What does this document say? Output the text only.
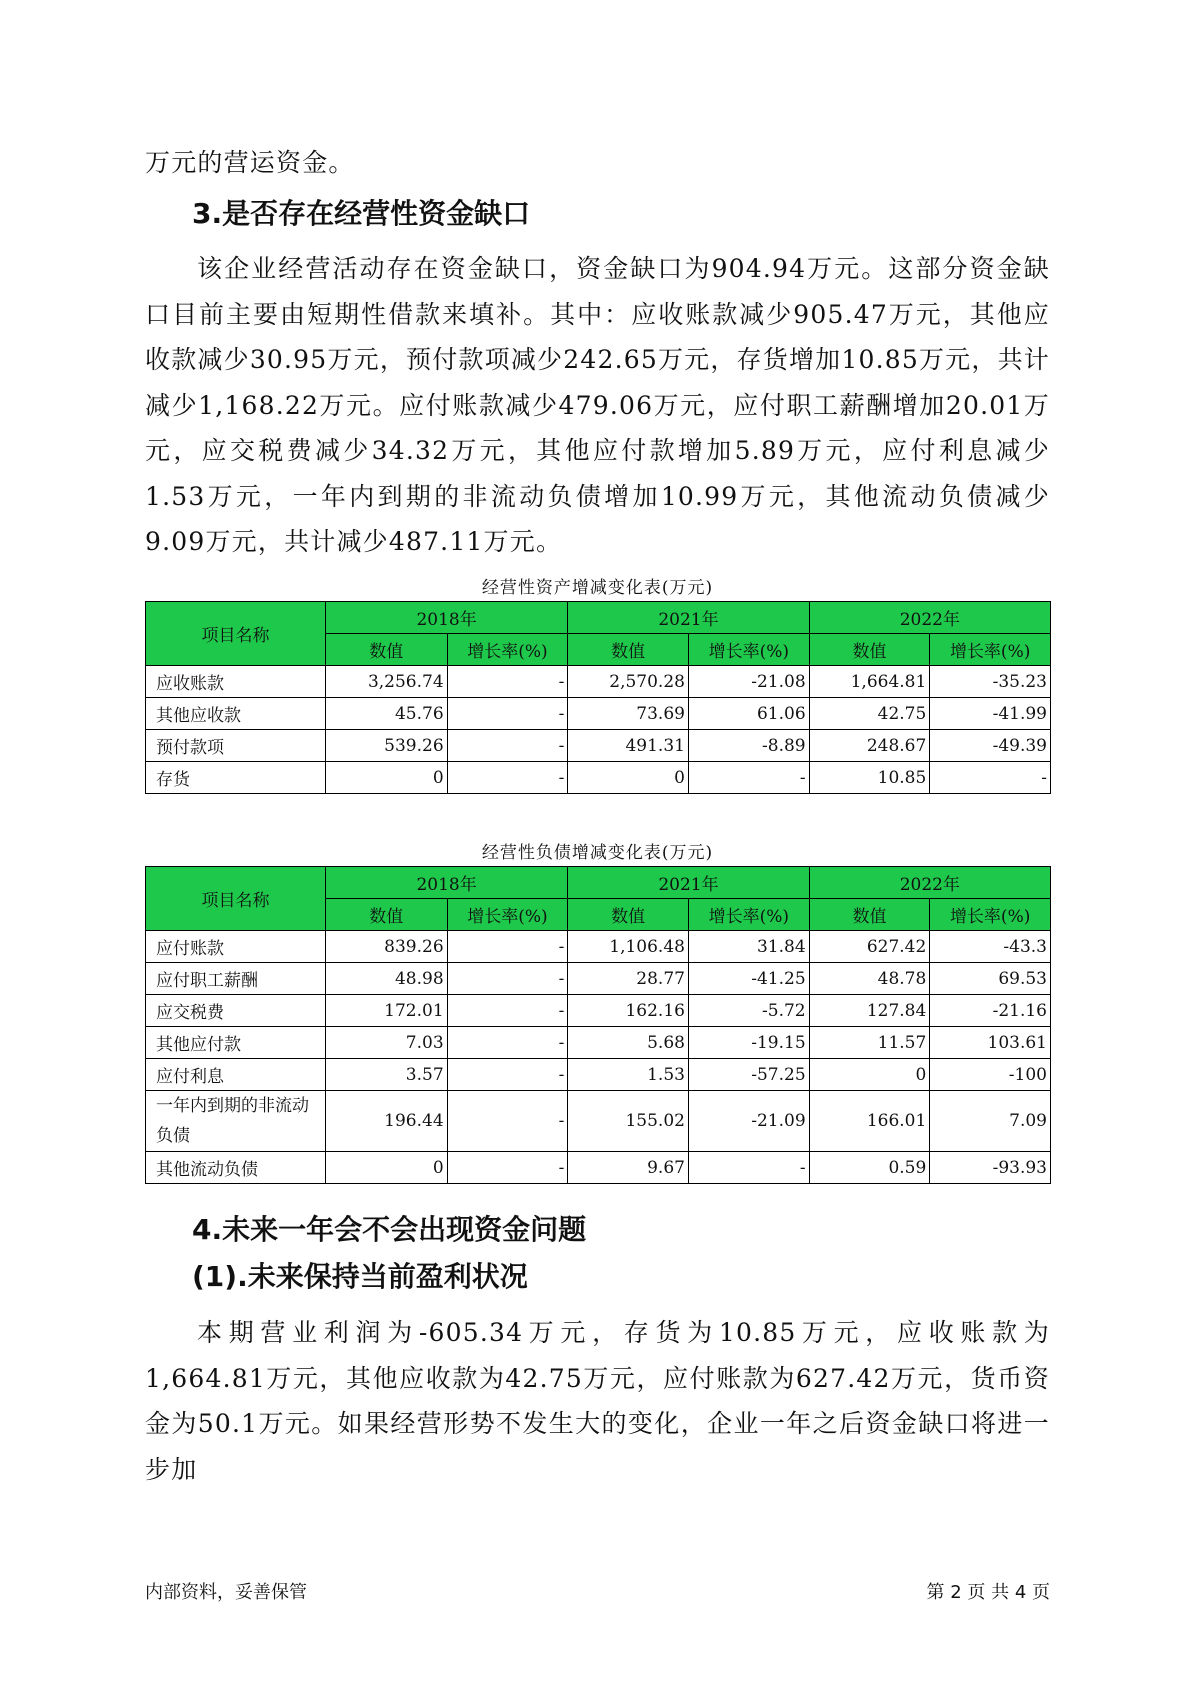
万元的营运资金。

3.是否存在经营性资金缺口

该企业经营活动存在资金缺口，资金缺口为904.94万元。这部分资金缺口目前主要由短期性借款来填补。其中：应收账款减少905.47万元，其他应收款减少30.95万元，预付款项减少242.65万元，存货增加10.85万元，共计减少1,168.22万元。应付账款减少479.06万元，应付职工薪酬增加20.01万元，应交税费减少34.32万元，其他应付款增加5.89万元，应付利息减少1.53万元，一年内到期的非流动负债增加10.99万元，其他流动负债减少9.09万元，共计减少487.11万元。

经营性资产增减变化表(万元)
项目名称	2018年		2021年		2022年	
	数值	增长率(%)	数值	增长率(%)	数值	增长率(%)
应收账款	3,256.74	-	2,570.28	-21.08	1,664.81	-35.23
其他应收款	45.76	-	73.69	61.06	42.75	-41.99
预付款项	539.26	-	491.31	-8.89	248.67	-49.39
存货	0	-	0	-	10.85	-
经营性负债增减变化表(万元)
项目名称	2018年		2021年		2022年	
	数值	增长率(%)	数值	增长率(%)	数值	增长率(%)
应付账款	839.26	-	1,106.48	31.84	627.42	-43.3
应付职工薪酬	48.98	-	28.77	-41.25	48.78	69.53
应交税费	172.01	-	162.16	-5.72	127.84	-21.16
其他应付款	7.03	-	5.68	-19.15	11.57	103.61
应付利息	3.57	-	1.53	-57.25	0	-100
一年内到期的非流动负债	196.44	-	155.02	-21.09	166.01	7.09
其他流动负债	0	-	9.67	-	0.59	-93.93
4.未来一年会不会出现资金问题
(1).未来保持当前盈利状况

本期营业利润为-605.34万元，存货为10.85万元，应收账款为1,664.81万元，其他应收款为42.75万元，应付账款为627.42万元，货币资金为50.1万元。如果经营形势不发生大的变化，企业一年之后资金缺口将进一步加

内部资料，妥善保管	第 2 页 共 4 页
